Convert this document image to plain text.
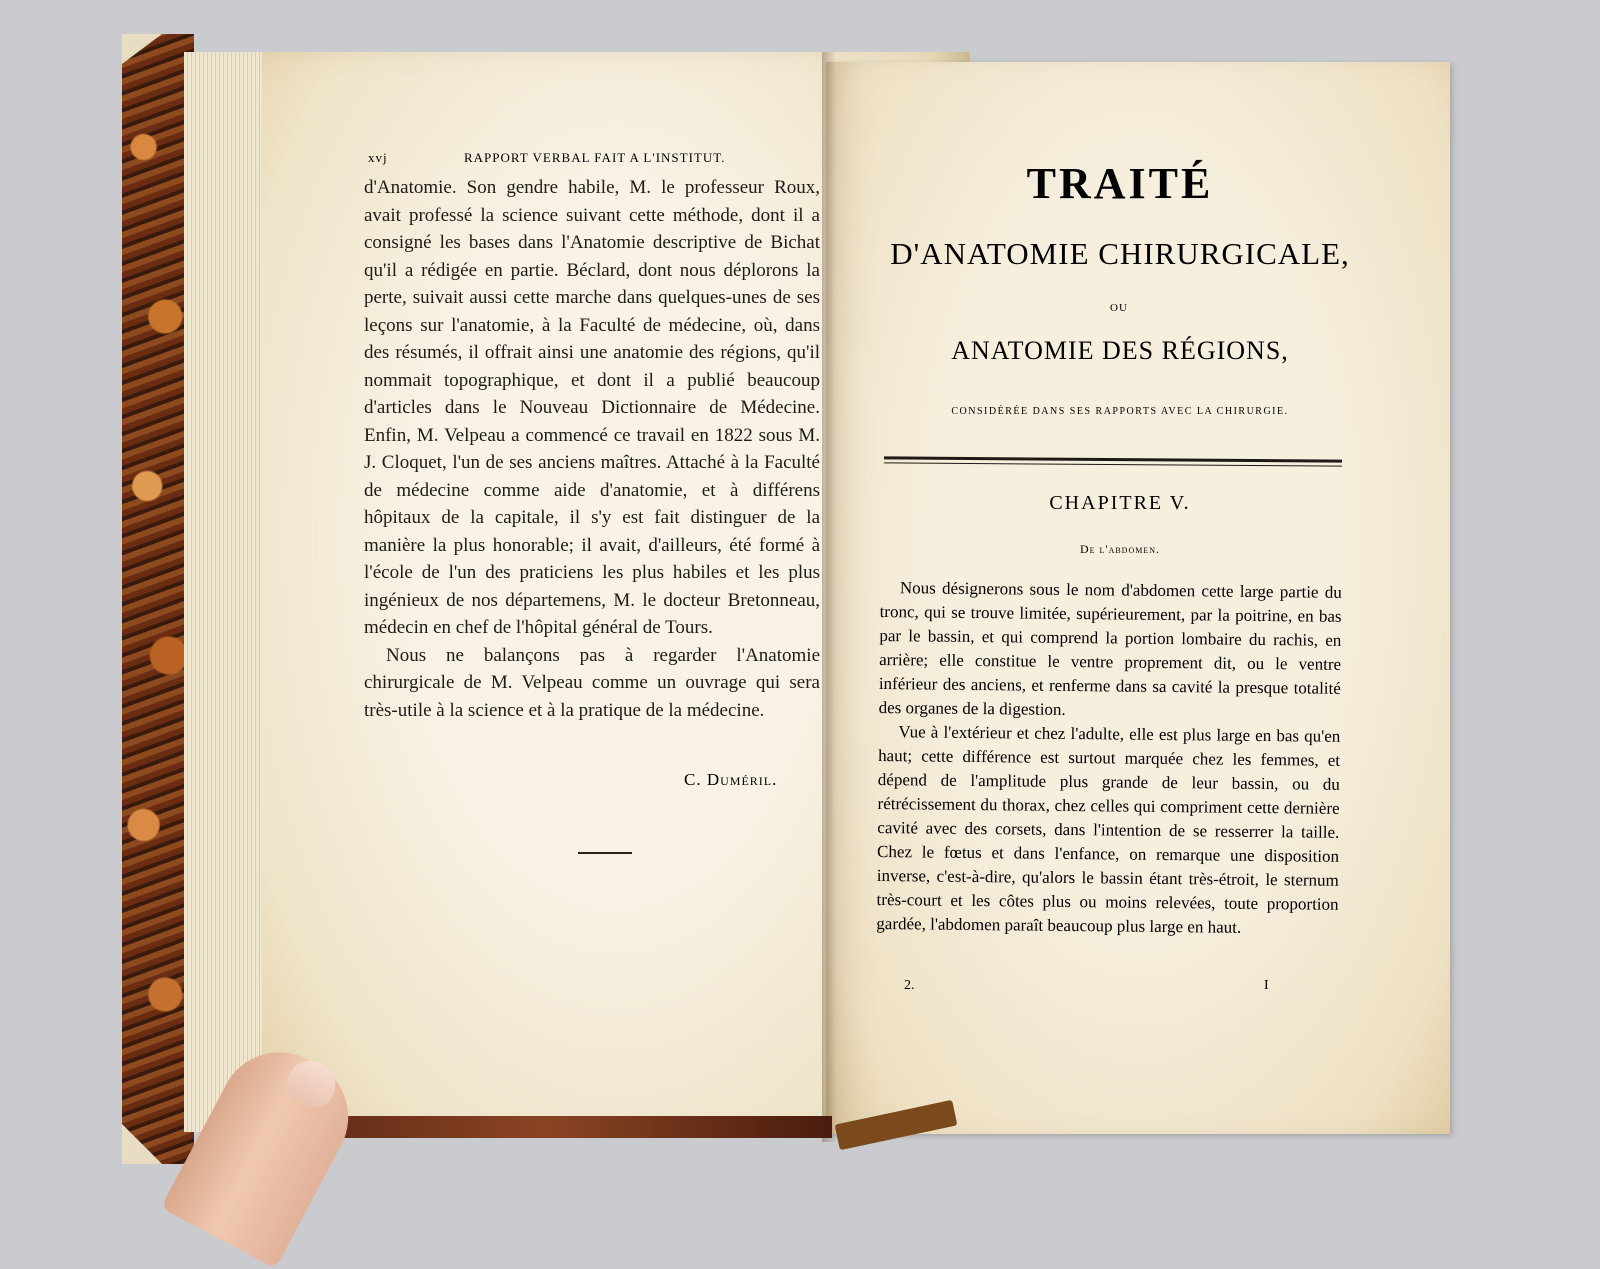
xvj	RAPPORT VERBAL FAIT A L'INSTITUT.

d'Anatomie. Son gendre habile, M. le professeur Roux, avait professé la science suivant cette méthode, dont il a consigné les bases dans l'Anatomie descriptive de Bichat qu'il a rédigée en partie. Béclard, dont nous déplorons la perte, suivait aussi cette marche dans quelques-unes de ses leçons sur l'anatomie, à la Faculté de médecine, où, dans des résumés, il offrait ainsi une anatomie des régions, qu'il nommait topographique, et dont il a publié beaucoup d'articles dans le Nouveau Dictionnaire de Médecine. Enfin, M. Velpeau a commencé ce travail en 1822 sous M. J. Cloquet, l'un de ses anciens maîtres. Attaché à la Faculté de médecine comme aide d'anatomie, et à différens hôpitaux de la capitale, il s'y est fait distinguer de la manière la plus honorable; il avait, d'ailleurs, été formé à l'école de l'un des praticiens les plus habiles et les plus ingénieux de nos départemens, M. le docteur Bretonneau, médecin en chef de l'hôpital général de Tours.

Nous ne balançons pas à regarder l'Anatomie chirurgicale de M. Velpeau comme un ouvrage qui sera très-utile à la science et à la pratique de la médecine.

C. Duméril.
TRAITÉ
D'ANATOMIE CHIRURGICALE,
OU
ANATOMIE DES RÉGIONS,
CONSIDÉRÉE DANS SES RAPPORTS AVEC LA CHIRURGIE.
CHAPITRE V.
De l'abdomen.

Nous désignerons sous le nom d'abdomen cette large partie du tronc, qui se trouve limitée, supérieurement, par la poitrine, en bas par le bassin, et qui comprend la portion lombaire du rachis, en arrière; elle constitue le ventre proprement dit, ou le ventre inférieur des anciens, et renferme dans sa cavité la presque totalité des organes de la digestion.

Vue à l'extérieur et chez l'adulte, elle est plus large en bas qu'en haut; cette différence est surtout marquée chez les femmes, et dépend de l'amplitude plus grande de leur bassin, ou du rétrécissement du thorax, chez celles qui compriment cette dernière cavité avec des corsets, dans l'intention de se resserrer la taille. Chez le fœtus et dans l'enfance, on remarque une disposition inverse, c'est-à-dire, qu'alors le bassin étant très-étroit, le sternum très-court et les côtes plus ou moins relevées, toute proportion gardée, l'abdomen paraît beaucoup plus large en haut.

2.	I
